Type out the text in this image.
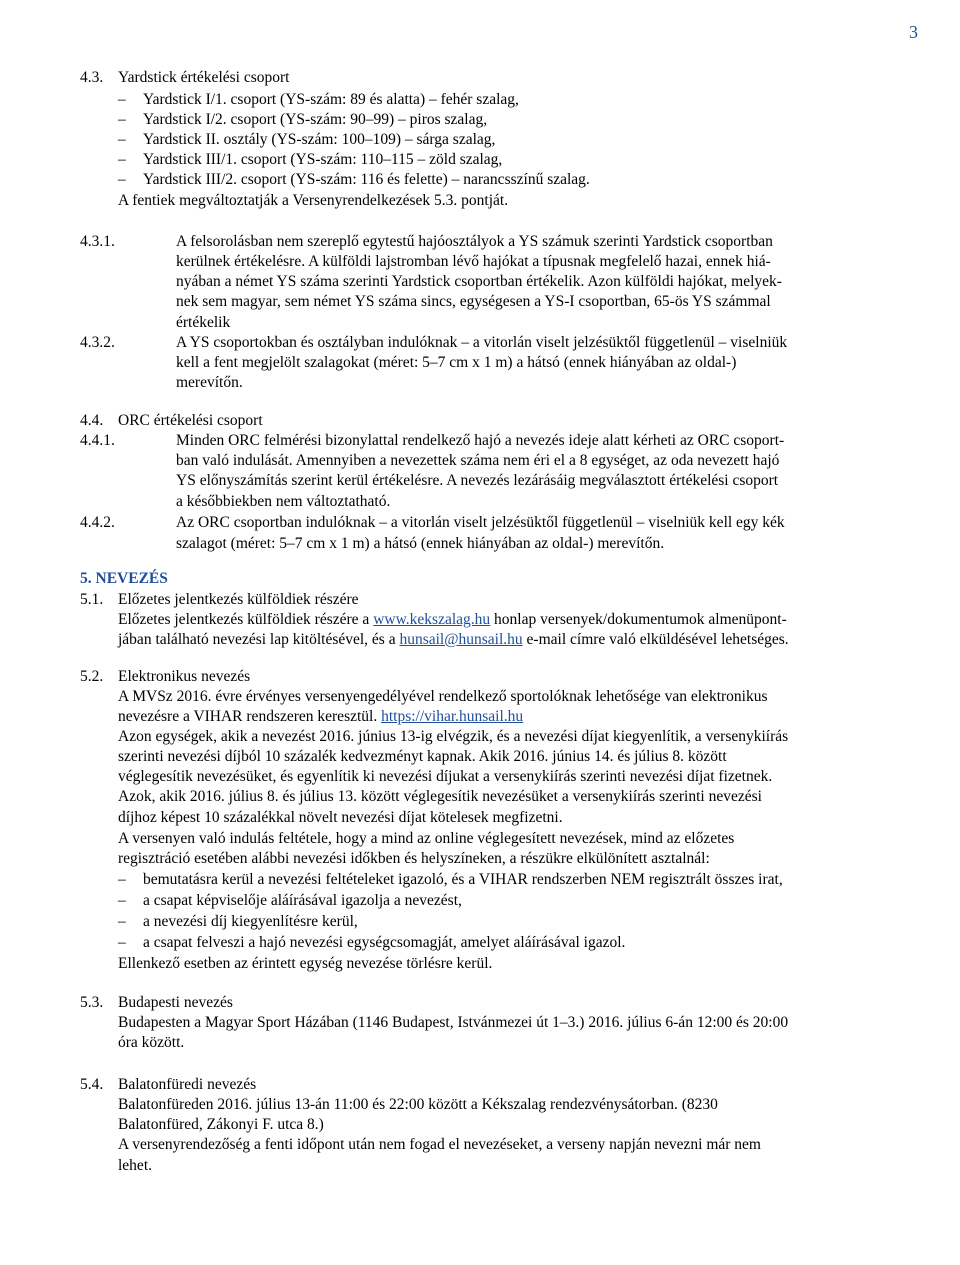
3
4.3. Yardstick értékelési csoport
– Yardstick I/1. csoport (YS-szám: 89 és alatta) – fehér szalag,
– Yardstick I/2. csoport (YS-szám: 90–99) – piros szalag,
– Yardstick II. osztály (YS-szám: 100–109) – sárga szalag,
– Yardstick III/1. csoport (YS-szám: 110–115 – zöld szalag,
– Yardstick III/2. csoport (YS-szám: 116 és felette) – narancsszínű szalag.
A fentiek megváltoztatják a Versenyrendelkezések 5.3. pontját.
4.3.1.	A felsorolásban nem szereplő egytestű hajóosztályok a YS számuk szerinti Yardstick csoportban
kerülnek értékelésre. A külföldi lajstromban lévő hajókat a típusnak megfelelő hazai, ennek hiá-
nyában a német YS száma szerinti Yardstick csoportban értékelik. Azon külföldi hajókat, melyek-
nek sem magyar, sem német YS száma sincs, egységesen a YS-I csoportban, 65-ös YS számmal
értékelik
4.3.2.	A YS csoportokban és osztályban indulóknak – a vitorlán viselt jelzésüktől függetlenül – viselniük
kell a fent megjelölt szalagokat (méret: 5–7 cm x 1 m) a hátsó (ennek hiányában az oldal-)
merevítőn.
4.4. ORC értékelési csoport
4.4.1.	Minden ORC felmérési bizonylattal rendelkező hajó a nevezés ideje alatt kérheti az ORC csoport-
ban való indulását. Amennyiben a nevezettek száma nem éri el a 8 egységet, az oda nevezett hajó
YS előnyszámítás szerint kerül értékelésre. A nevezés lezárásáig megválasztott értékelési csoport
a későbbiekben nem változtatható.
4.4.2.	Az ORC csoportban indulóknak – a vitorlán viselt jelzésüktől függetlenül – viselniük kell egy kék
szalagot (méret: 5–7 cm x 1 m) a hátsó (ennek hiányában az oldal-) merevítőn.
5. NEVEZÉS
5.1. Előzetes jelentkezés külföldiek részére
Előzetes jelentkezés külföldiek részére a www.kekszalag.hu honlap versenyek/dokumentumok almenüpont-
jában található nevezési lap kitöltésével, és a hunsail@hunsail.hu e-mail címre való elküldésével lehetséges.
5.2. Elektronikus nevezés
A MVSz 2016. évre érvényes versenyengedélyével rendelkező sportolóknak lehetősége van elektronikus
nevezésre a VIHAR rendszeren keresztül. https://vihar.hunsail.hu
Azon egységek, akik a nevezést 2016. június 13-ig elvégzik, és a nevezési díjat kiegyenlítik, a versenykiírás
szerinti nevezési díjból 10 százalék kedvezményt kapnak. Akik 2016. június 14. és július 8. között
véglegesítik nevezésüket, és egyenlítik ki nevezési díjukat a versenykiírás szerinti nevezési díjat fizetnek.
Azok, akik 2016. július 8. és július 13. között véglegesítik nevezésüket a versenykiírás szerinti nevezési
díjhoz képest 10 százalékkal növelt nevezési díjat kötelesek megfizetni.
A versenyen való indulás feltétele, hogy a mind az online véglegesített nevezések, mind az előzetes
regisztráció esetében alábbi nevezési időkben és helyszíneken, a részükre elkülönített asztalnál:
– bemutatásra kerül a nevezési feltételeket igazoló, és a VIHAR rendszerben NEM regisztrált összes irat,
– a csapat képviselője aláírásával igazolja a nevezést,
– a nevezési díj kiegyenlítésre kerül,
– a csapat felveszi a hajó nevezési egységcsomagját, amelyet aláírásával igazol.
Ellenkező esetben az érintett egység nevezése törlésre kerül.
5.3. Budapesti nevezés
Budapesten a Magyar Sport Házában (1146 Budapest, Istvánmezei út 1–3.) 2016. július 6-án 12:00 és 20:00
óra között.
5.4. Balatonfüredi nevezés
Balatonfüreden 2016. július 13-án 11:00 és 22:00 között a Kékszalag rendezvénysátorban. (8230
Balatonfüred, Zákonyi F. utca 8.)
A versenyrendezőség a fenti időpont után nem fogad el nevezéseket, a verseny napján nevezni már nem
lehet.
